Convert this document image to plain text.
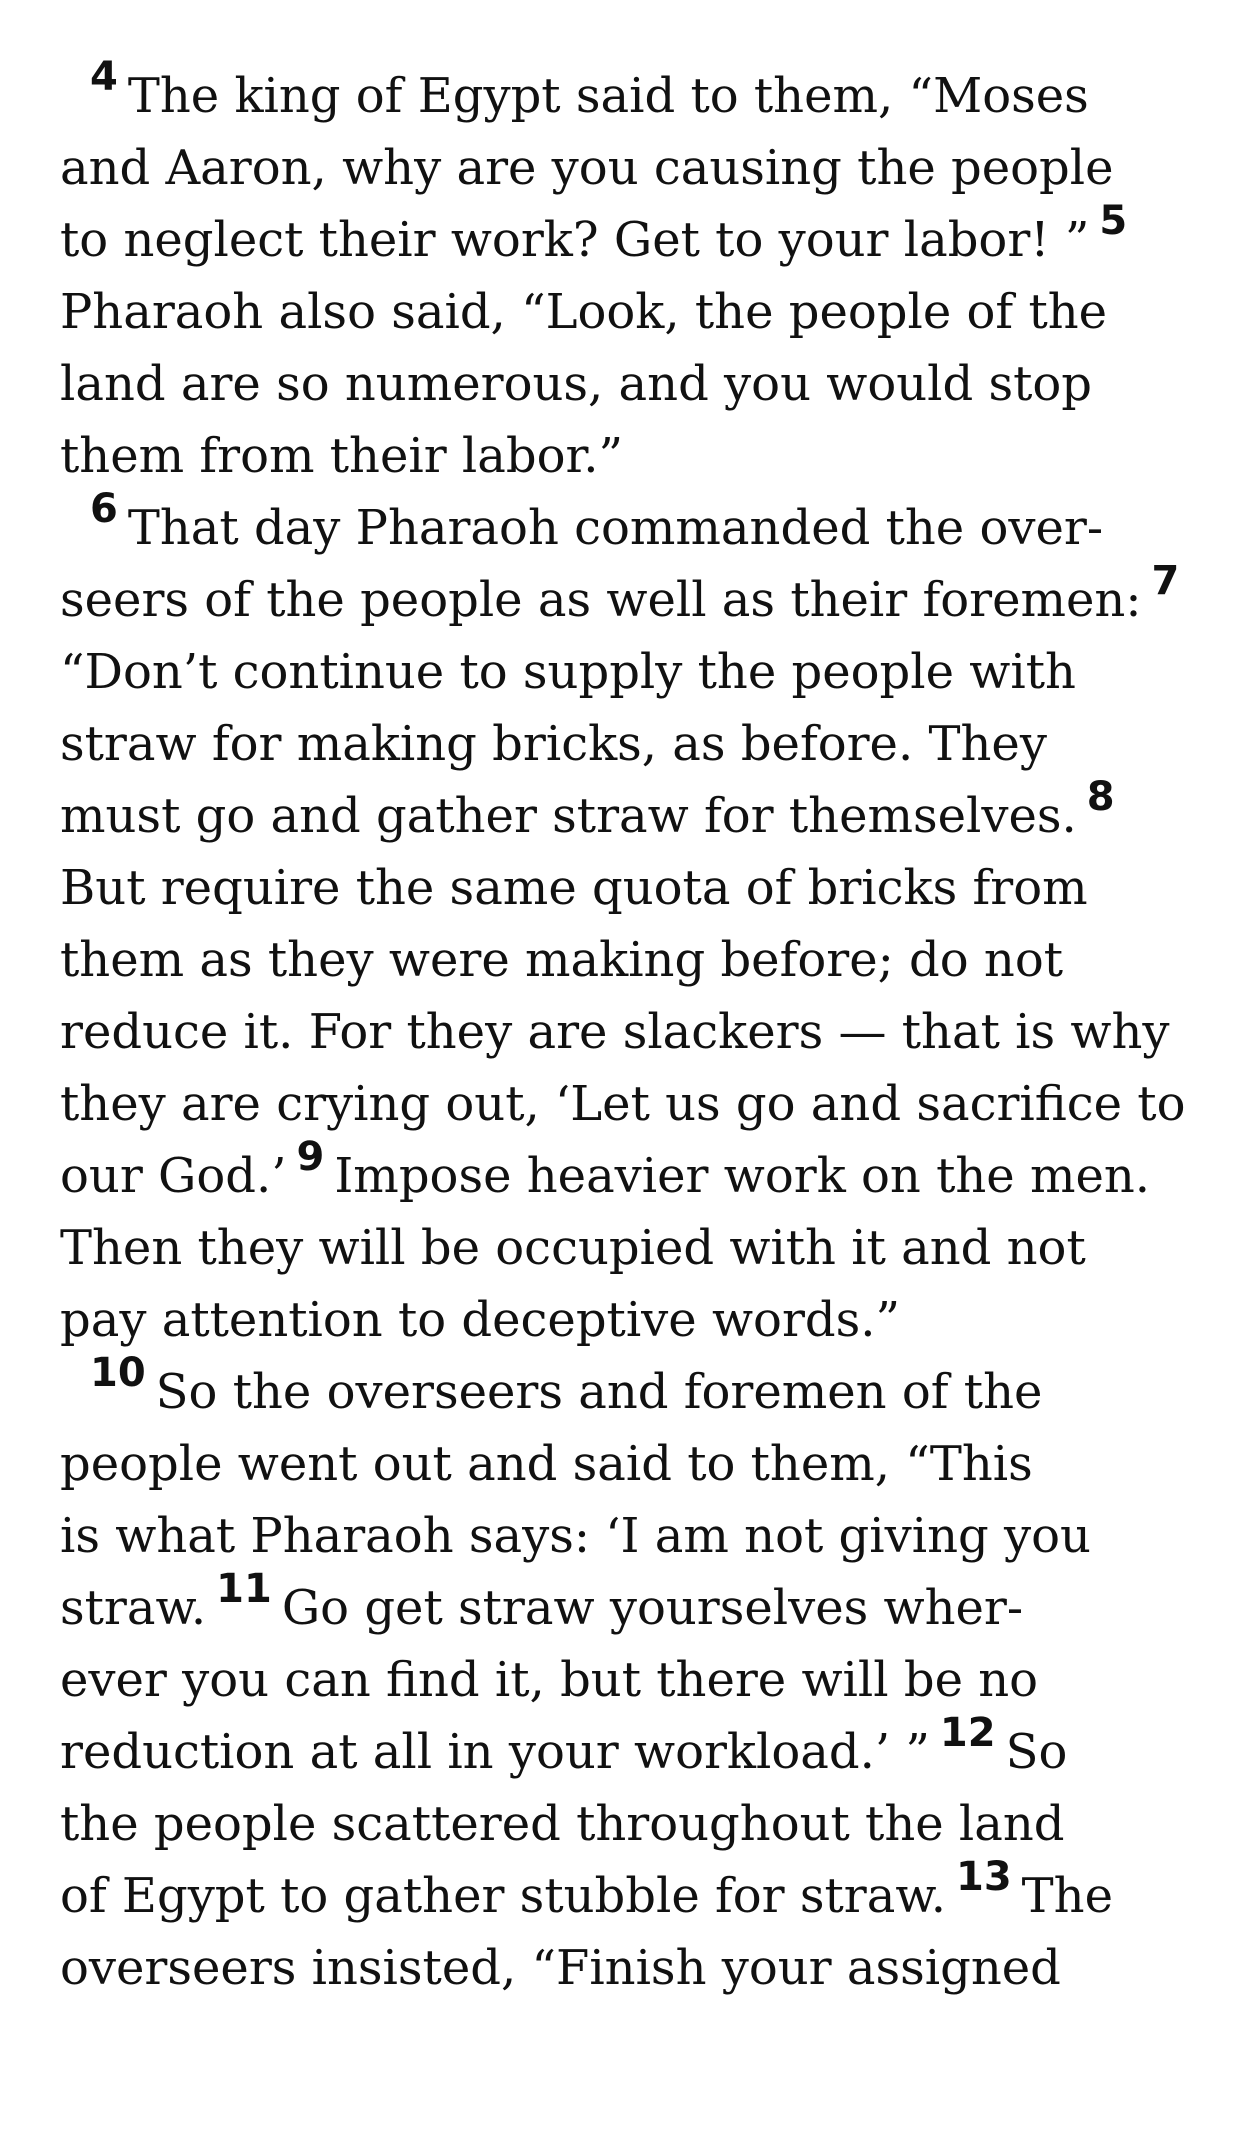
$^4$ The king of Egypt said to them, “Moses
and Aaron, why are you causing the people
to neglect their work? Get to your labor! ” $^5$
Pharaoh also said, “Look, the people of the
land are so numerous, and you would stop
them from their labor.”
$^6$ That day Pharaoh commanded the over-
seers of the people as well as their foremen: $^7$
“Don’t continue to supply the people with
straw for making bricks, as before. They
must go and gather straw for themselves. $^8$
But require the same quota of bricks from
them as they were making before; do not
reduce it. For they are slackers — that is why
they are crying out, ‘Let us go and sacrifice to
our God.’ $^9$ Impose heavier work on the men.
Then they will be occupied with it and not
pay attention to deceptive words.”
$^{10}$ So the overseers and foremen of the
people went out and said to them, “This
is what Pharaoh says: ‘I am not giving you
straw. $^{11}$ Go get straw yourselves wher-
ever you can find it, but there will be no
reduction at all in your workload.’ ” $^{12}$ So
the people scattered throughout the land
of Egypt to gather stubble for straw. $^{13}$ The
overseers insisted, “Finish your assigned
